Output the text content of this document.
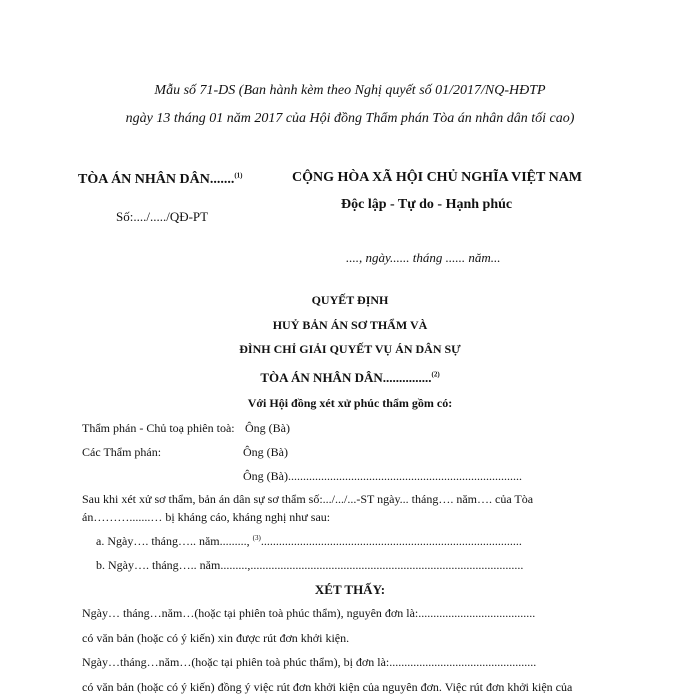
Mẫu số 71-DS (Ban hành kèm theo Nghị quyết số 01/2017/NQ-HĐTP
ngày 13 tháng 01 năm 2017 của Hội đồng Thẩm phán Tòa án nhân dân tối cao)
TÒA ÁN NHÂN DÂN.......$^{(1)}$
Số:..../...../QĐ-PT
CỘNG HÒA XÃ HỘI CHỦ NGHĨA VIỆT NAM
Độc lập - Tự do - Hạnh phúc
...., ngày...... tháng ...... năm...
QUYẾT ĐỊNH
HUỶ BẢN ÁN SƠ THẨM VÀ
ĐÌNH CHỈ GIẢI QUYẾT VỤ ÁN DÂN SỰ
TÒA ÁN NHÂN DÂN...............$^{(2)}$
Với Hội đồng xét xử phúc thẩm gồm có:
Thẩm phán - Chủ toạ phiên toà: Ông (Bà)
Các Thẩm phán:	Ông (Bà)
Ông (Bà)..............................................................................
Sau khi xét xử sơ thẩm, bản án dân sự sơ thẩm số:.../.../...-ST ngày... tháng…. năm…. của Tòa
án……….......… bị kháng cáo, kháng nghị như sau:
a. Ngày…. tháng….. năm........., $^{(3)}$.......................................................................................
b. Ngày…. tháng….. năm.........,...........................................................................................
XÉT THẤY:
Ngày… tháng…năm…(hoặc tại phiên toà phúc thẩm), nguyên đơn là:.......................................
có văn bản (hoặc có ý kiến) xin được rút đơn khởi kiện.
Ngày…tháng…năm…(hoặc tại phiên toà phúc thẩm), bị đơn là:.................................................
có văn bản (hoặc có ý kiến) đồng ý việc rút đơn khởi kiện của nguyên đơn. Việc rút đơn khởi kiện của
